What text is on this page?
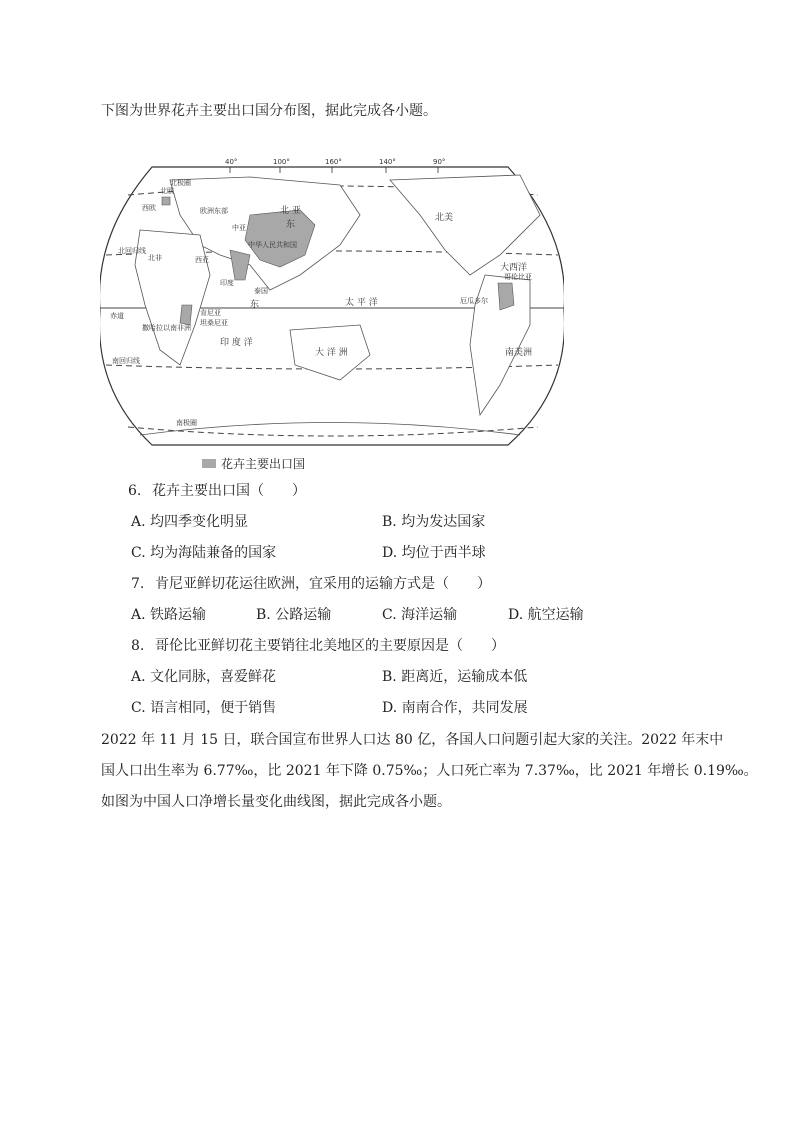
下图为世界花卉主要出口国分布图，据此完成各小题。
40°	100°	160°	140°	90°
北极圈
北回归线
赤道
南回归线
南极圈
西欧
北欧
欧洲东部	北 亚
中亚
中华人民共和国
东
西亚
北非
印度
泰国
东
撒哈拉以南非洲
肯尼亚
坦桑尼亚
太 平 洋
印 度 洋
大 洋 洲
北美
大西洋
哥伦比亚
厄瓜多尔
南美洲
花卉主要出口国
6. 花卉主要出口国（　　）
A. 均四季变化明显	B. 均为发达国家
C. 均为海陆兼备的国家	D. 均位于西半球
7. 肯尼亚鲜切花运往欧洲，宜采用的运输方式是（　　）
A. 铁路运输	B. 公路运输	C. 海洋运输	D. 航空运输
8. 哥伦比亚鲜切花主要销往北美地区的主要原因是（　　）
A. 文化同脉，喜爱鲜花	B. 距离近，运输成本低
C. 语言相同，便于销售	D. 南南合作，共同发展
2022 年 11 月 15 日，联合国宣布世界人口达 80 亿，各国人口问题引起大家的关注。2022 年末中
国人口出生率为 6.77‰，比 2021 年下降 0.75‰；人口死亡率为 7.37‰，比 2021 年增长 0.19‰。
如图为中国人口净增长量变化曲线图，据此完成各小题。
